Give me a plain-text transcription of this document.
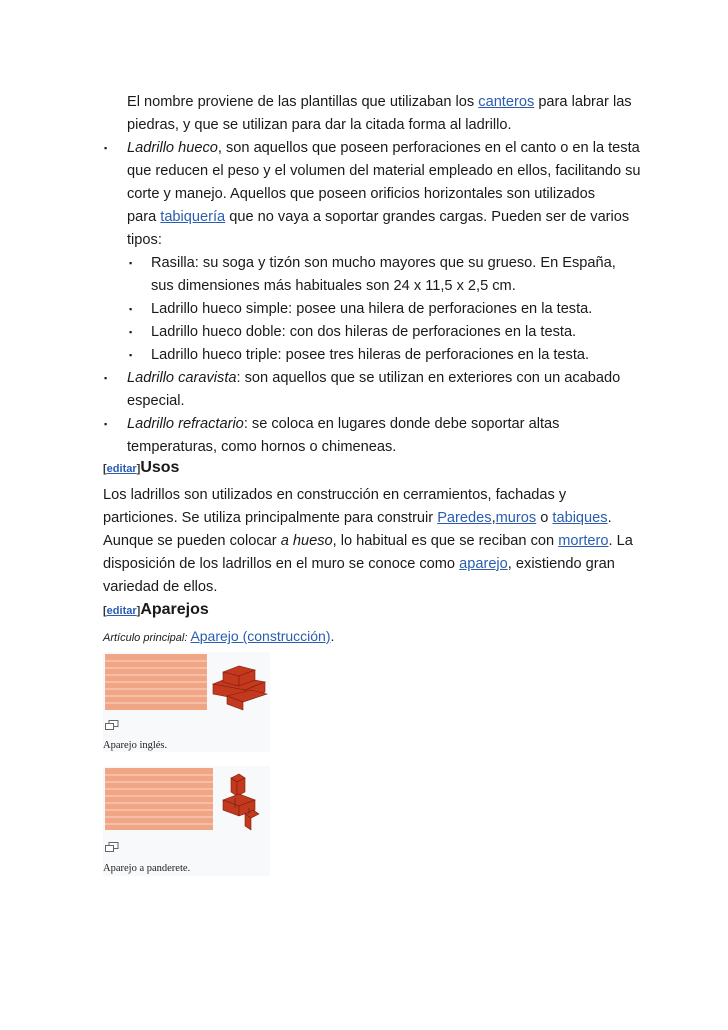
El nombre proviene de las plantillas que utilizaban los canteros para labrar las
piedras, y que se utilizan para dar la citada forma al ladrillo.
▪ Ladrillo hueco, son aquellos que poseen perforaciones en el canto o en la testa
que reducen el peso y el volumen del material empleado en ellos, facilitando su
corte y manejo. Aquellos que poseen orificios horizontales son utilizados
para tabiquería que no vaya a soportar grandes cargas. Pueden ser de varios
tipos:
▪ Rasilla: su soga y tizón son mucho mayores que su grueso. En España,
sus dimensiones más habituales son 24 x 11,5 x 2,5 cm.
▪ Ladrillo hueco simple: posee una hilera de perforaciones en la testa.
▪ Ladrillo hueco doble: con dos hileras de perforaciones en la testa.
▪ Ladrillo hueco triple: posee tres hileras de perforaciones en la testa.
▪ Ladrillo caravista: son aquellos que se utilizan en exteriores con un acabado
especial.
▪ Ladrillo refractario: se coloca en lugares donde debe soportar altas
temperaturas, como hornos o chimeneas.
[editar]Usos
Los ladrillos son utilizados en construcción en cerramientos, fachadas y
particiones. Se utiliza principalmente para construir Paredes,muros o tabiques.
Aunque se pueden colocar a hueso, lo habitual es que se reciban con mortero. La
disposición de los ladrillos en el muro se conoce como aparejo, existiendo gran
variedad de ellos.
[editar]Aparejos
Artículo principal: Aparejo (construcción).
Aparejo inglés.
Aparejo a panderete.
